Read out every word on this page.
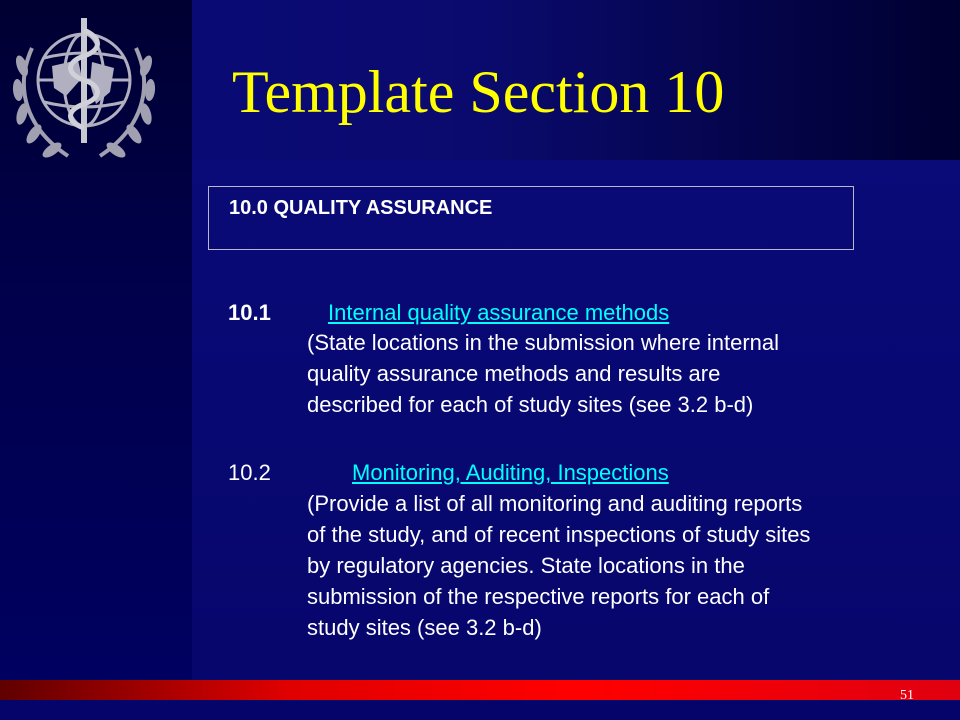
Template Section 10
10.0 QUALITY ASSURANCE
10.1	Internal quality assurance methods
(State locations in the submission where internal
quality assurance methods and results are
described for each of study sites (see 3.2 b-d)
10.2	Monitoring, Auditing, Inspections
(Provide a list of all monitoring and auditing reports
of the study, and of recent inspections of study sites
by regulatory agencies. State locations in the
submission of the respective reports for each of
study sites (see 3.2 b-d)
51
